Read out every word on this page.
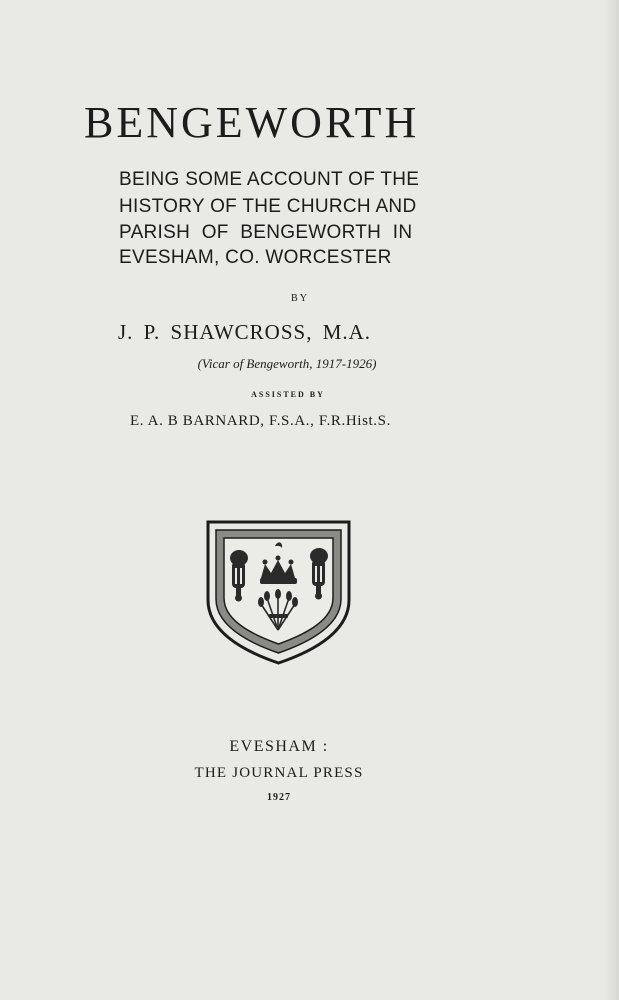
BENGEWORTH

BEING SOME ACCOUNT OF THE

HISTORY OF THE CHURCH AND

PARISH OF BENGEWORTH IN

EVESHAM, CO. WORCESTER

BY

J. P. SHAWCROSS, M.A.

(Vicar of Bengeworth, 1917-1926)

ASSISTED BY

E. A. B BARNARD, F.S.A., F.R.Hist.S.

EVESHAM :

THE JOURNAL PRESS

1927
